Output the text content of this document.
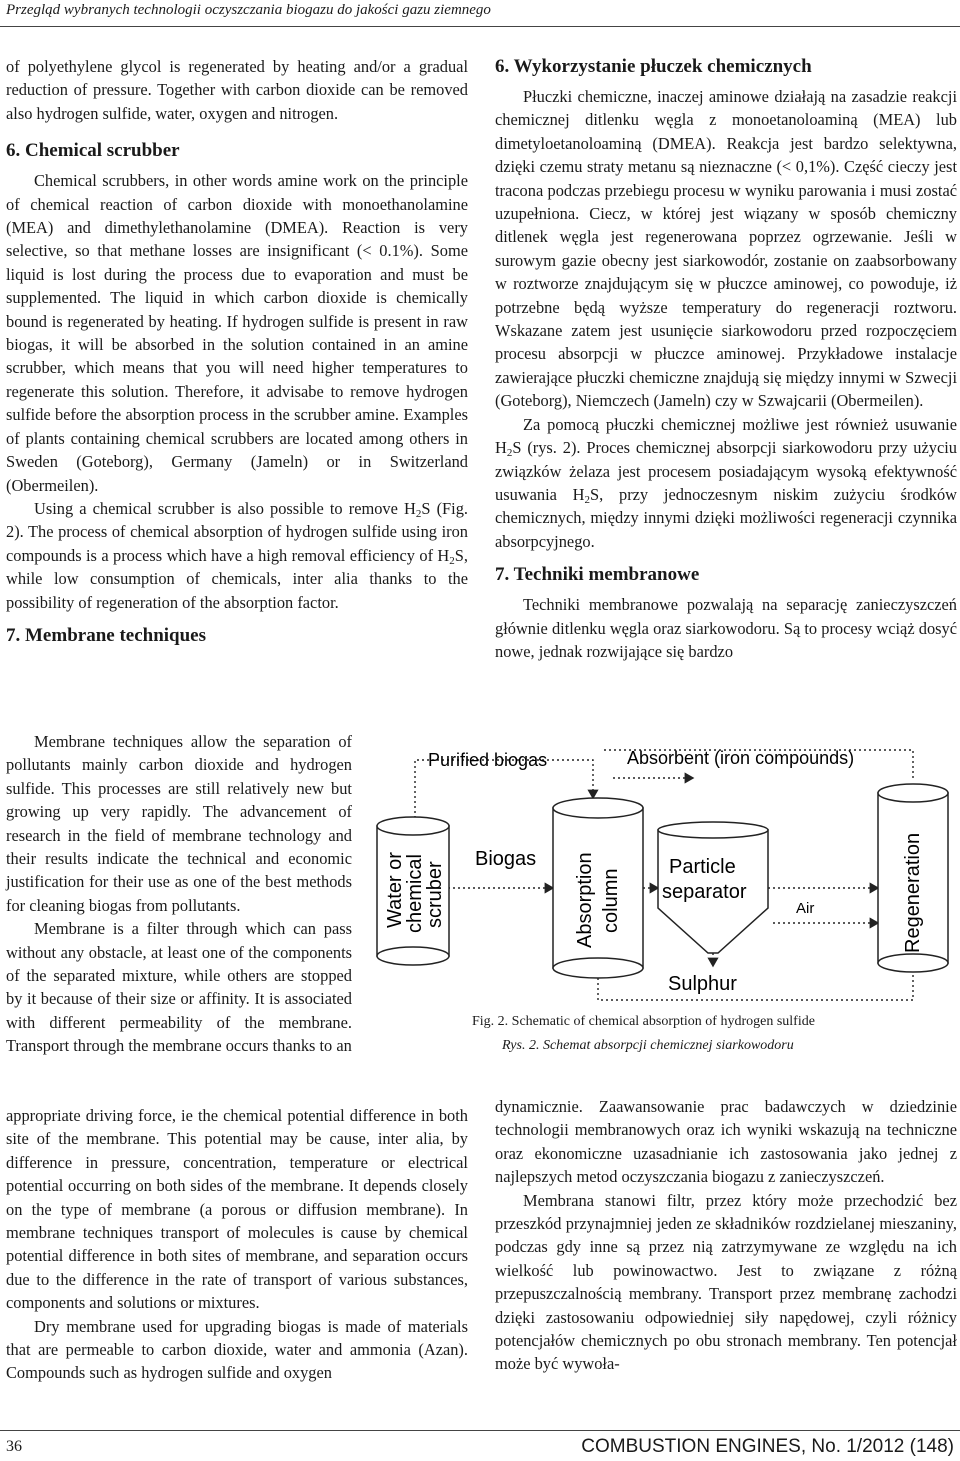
Przegląd wybranych technologii oczyszczania biogazu do jakości gazu ziemnego

of polyethylene glycol is regenerated by heating and/or a gradual reduction of pressure. Together with carbon dioxide can be removed also hydrogen sulfide, water, oxygen and nitrogen.

6. Chemical scrubber

Chemical scrubbers, in other words amine work on the principle of chemical reaction of carbon dioxide with monoethanolamine (MEA) and dimethylethanolamine (DMEA). Reaction is very selective, so that methane losses are insignificant (< 0.1%). Some liquid is lost during the process due to evaporation and must be supplemented. The liquid in which carbon dioxide is chemically bound is regenerated by heating. If hydrogen sulfide is present in raw biogas, it will be absorbed in the solution contained in an amine scrubber, which means that you will need higher temperatures to regenerate this solution. Therefore, it advisabe to remove hydrogen sulfide before the absorption process in the scrubber amine. Examples of plants containing chemical scrubbers are located among others in Sweden (Goteborg), Germany (Jameln) or in Switzerland (Obermeilen).

Using a chemical scrubber is also possible to remove $H_2S$ (Fig. 2). The process of chemical absorption of hydrogen sulfide using iron compounds is a process which have a high removal efficiency of $H_2S$, while low consumption of chemicals, inter alia thanks to the possibility of regeneration of the absorption factor.

7. Membrane techniques

Membrane techniques allow the separation of pollutants mainly carbon dioxide and hydrogen sulfide. This processes are still relatively new but growing up very rapidly. The advancement of research in the field of membrane technology and their results indicate the technical and economic justification for their use as one of the best methods for cleaning biogas from pollutants.

Membrane is a filter through which can pass without any obstacle, at least one of the components of the separated mixture, while others are stopped by it because of their size or affinity. It is associated with different permeability of the membrane. Transport through the membrane occurs thanks to an

appropriate driving force, ie the chemical potential difference in both site of the membrane. This potential may be cause, inter alia, by difference in pressure, concentration, temperature or electrical potential occurring on both sides of the membrane. It depends closely on the type of membrane (a porous or diffusion membrane). In membrane techniques transport of molecules is cause by chemical potential difference in both sites of membrane, and separation occurs due to the difference in the rate of transport of various substances, components and solutions or mixtures.

Dry membrane used for upgrading biogas is made of materials that are permeable to carbon dioxide, water and ammonia (Azan). Compounds such as hydrogen sulfide and oxygen

6. Wykorzystanie płuczek chemicznych

Płuczki chemiczne, inaczej aminowe działają na zasadzie reakcji chemicznej ditlenku węgla z monoetanoloaminą (MEA) lub dimetyloetanoloaminą (DMEA). Reakcja jest bardzo selektywna, dzięki czemu straty metanu są nieznaczne (< 0,1%). Część cieczy jest tracona podczas przebiegu procesu w wyniku parowania i musi zostać uzupełniona. Ciecz, w której jest wiązany w sposób chemiczny ditlenek węgla jest regenerowana poprzez ogrzewanie. Jeśli w surowym gazie obecny jest siarkowodór, zostanie on zaabsorbowany w roztworze znajdującym się w płuczce aminowej, co powoduje, iż potrzebne będą wyższe temperatury do regeneracji roztworu. Wskazane zatem jest usunięcie siarkowodoru przed rozpoczęciem procesu absorpcji w płuczce aminowej. Przykładowe instalacje zawierające płuczki chemiczne znajdują się między innymi w Szwecji (Goteborg), Niemczech (Jameln) czy w Szwajcarii (Obermeilen).

Za pomocą płuczki chemicznej możliwe jest również usuwanie $H_2S$ (rys. 2). Proces chemicznej absorpcji siarkowodoru przy użyciu związków żelaza jest procesem posiadającym wysoką efektywność usuwania $H_2S$, przy jednoczesnym niskim zużyciu środków chemicznych, między innymi dzięki możliwości regeneracji czynnika absorpcyjnego.

7. Techniki membranowe

Techniki membranowe pozwalają na separację zanieczyszczeń głównie ditlenku węgla oraz siarkowodoru. Są to procesy wciąż dosyć nowe, jednak rozwijające się bardzo

Water or
chemical
scruber	Absorption column
Particle
separator	Regeneration
Purified biogas	Absorbent (iron compounds)
Biogas
Air
Sulphur
Fig. 2. Schematic of chemical absorption of hydrogen sulfide
Rys. 2. Schemat absorpcji chemicznej siarkowodoru

dynamicznie. Zaawansowanie prac badawczych w dziedzinie technologii membranowych oraz ich wyniki wskazują na techniczne oraz ekonomiczne uzasadnianie ich zastosowania jako jednej z najlepszych metod oczyszczania biogazu z zanieczyszczeń.

Membrana stanowi filtr, przez który może przechodzić bez przeszkód przynajmniej jeden ze składników rozdzielanej mieszaniny, podczas gdy inne są przez nią zatrzymywane ze względu na ich wielkość lub powinowactwo. Jest to związane z różną przepuszczalnością membrany. Transport przez membranę zachodzi dzięki zastosowaniu odpowiedniej siły napędowej, czyli różnicy potencjałów chemicznych po obu stronach membrany. Ten potencjał może być wywoła-

36	COMBUSTION ENGINES, No. 1/2012 (148)
